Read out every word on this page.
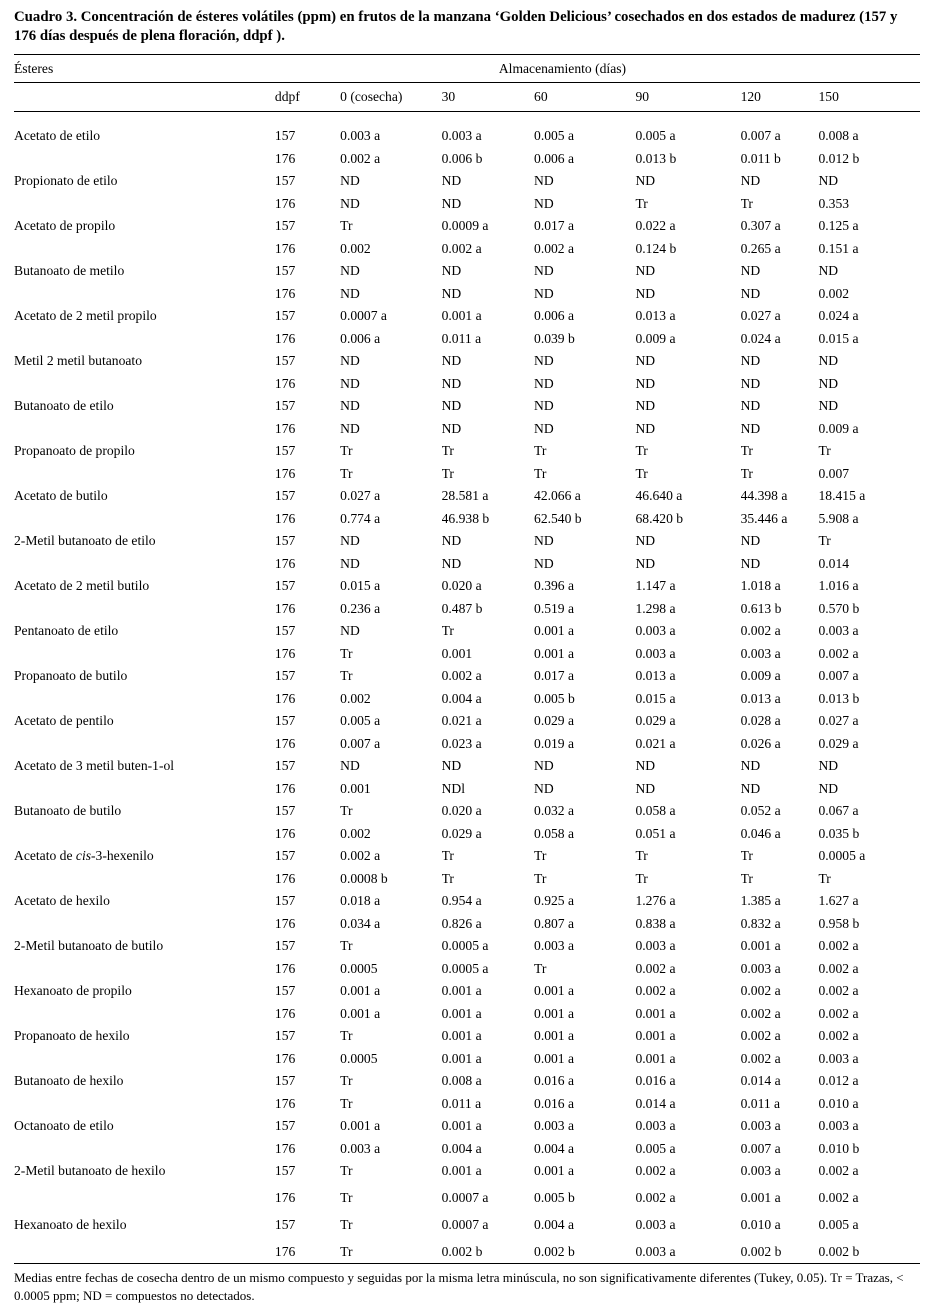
Cuadro 3. Concentración de ésteres volátiles (ppm) en frutos de la manzana ‘Golden Delicious’ cosechados en dos estados de madurez (157 y 176 días después de plena floración, ddpf ).
Ésteres	Almacenamiento (días)						
	ddpf	0 (cosecha)	30	60	90	120	150
Acetato de etilo	157	0.003 a	0.003 a	0.005 a	0.005 a	0.007 a	0.008 a
	176	0.002 a	0.006 b	0.006 a	0.013 b	0.011 b	0.012 b
Propionato de etilo	157	ND	ND	ND	ND	ND	ND
	176	ND	ND	ND	Tr	Tr	0.353
Acetato de propilo	157	Tr	0.0009 a	0.017 a	0.022 a	0.307 a	0.125 a
	176	0.002	0.002 a	0.002 a	0.124 b	0.265 a	0.151 a
Butanoato de metilo	157	ND	ND	ND	ND	ND	ND
	176	ND	ND	ND	ND	ND	0.002
Acetato de 2 metil propilo	157	0.0007 a	0.001 a	0.006 a	0.013 a	0.027 a	0.024 a
	176	0.006 a	0.011 a	0.039 b	0.009 a	0.024 a	0.015 a
Metil 2 metil butanoato	157	ND	ND	ND	ND	ND	ND
	176	ND	ND	ND	ND	ND	ND
Butanoato de etilo	157	ND	ND	ND	ND	ND	ND
	176	ND	ND	ND	ND	ND	0.009 a
Propanoato de propilo	157	Tr	Tr	Tr	Tr	Tr	Tr
	176	Tr	Tr	Tr	Tr	Tr	0.007
Acetato de butilo	157	0.027 a	28.581 a	42.066 a	46.640 a	44.398 a	18.415 a
	176	0.774 a	46.938 b	62.540 b	68.420 b	35.446 a	5.908 a
2-Metil butanoato de etilo	157	ND	ND	ND	ND	ND	Tr
	176	ND	ND	ND	ND	ND	0.014
Acetato de 2 metil butilo	157	0.015 a	0.020 a	0.396 a	1.147 a	1.018 a	1.016 a
	176	0.236 a	0.487 b	0.519 a	1.298 a	0.613 b	0.570 b
Pentanoato de etilo	157	ND	Tr	0.001 a	0.003 a	0.002 a	0.003 a
	176	Tr	0.001	0.001 a	0.003 a	0.003 a	0.002 a
Propanoato de butilo	157	Tr	0.002 a	0.017 a	0.013 a	0.009 a	0.007 a
	176	0.002	0.004 a	0.005 b	0.015 a	0.013 a	0.013 b
Acetato de pentilo	157	0.005 a	0.021 a	0.029 a	0.029 a	0.028 a	0.027 a
	176	0.007 a	0.023 a	0.019 a	0.021 a	0.026 a	0.029 a
Acetato de 3 metil buten-1-ol	157	ND	ND	ND	ND	ND	ND
	176	0.001	NDl	ND	ND	ND	ND
Butanoato de butilo	157	Tr	0.020 a	0.032 a	0.058 a	0.052 a	0.067 a
	176	0.002	0.029 a	0.058 a	0.051 a	0.046 a	0.035 b
Acetato de cis-3-hexenilo	157	0.002 a	Tr	Tr	Tr	Tr	0.0005 a
	176	0.0008 b	Tr	Tr	Tr	Tr	Tr
Acetato de hexilo	157	0.018 a	0.954 a	0.925 a	1.276 a	1.385 a	1.627 a
	176	0.034 a	0.826 a	0.807 a	0.838 a	0.832 a	0.958 b
2-Metil butanoato de butilo	157	Tr	0.0005 a	0.003 a	0.003 a	0.001 a	0.002 a
	176	0.0005	0.0005 a	Tr	0.002 a	0.003 a	0.002 a
Hexanoato de propilo	157	0.001 a	0.001 a	0.001 a	0.002 a	0.002 a	0.002 a
	176	0.001 a	0.001 a	0.001 a	0.001 a	0.002 a	0.002 a
Propanoato de hexilo	157	Tr	0.001 a	0.001 a	0.001 a	0.002 a	0.002 a
	176	0.0005	0.001 a	0.001 a	0.001 a	0.002 a	0.003 a
Butanoato de hexilo	157	Tr	0.008 a	0.016 a	0.016 a	0.014 a	0.012 a
	176	Tr	0.011 a	0.016 a	0.014 a	0.011 a	0.010 a
Octanoato de etilo	157	0.001 a	0.001 a	0.003 a	0.003 a	0.003 a	0.003 a
	176	0.003 a	0.004 a	0.004 a	0.005 a	0.007 a	0.010 b
2-Metil butanoato de hexilo	157	Tr	0.001 a	0.001 a	0.002 a	0.003 a	0.002 a
	176	Tr	0.0007 a	0.005 b	0.002 a	0.001 a	0.002 a
Hexanoato de hexilo	157	Tr	0.0007 a	0.004 a	0.003 a	0.010 a	0.005 a
	176	Tr	0.002 b	0.002 b	0.003 a	0.002 b	0.002 b
Medias entre fechas de cosecha dentro de un mismo compuesto y seguidas por la misma letra minúscula, no son significativamente diferentes (Tukey, 0.05). Tr = Trazas, < 0.0005 ppm; ND = compuestos no detectados.
